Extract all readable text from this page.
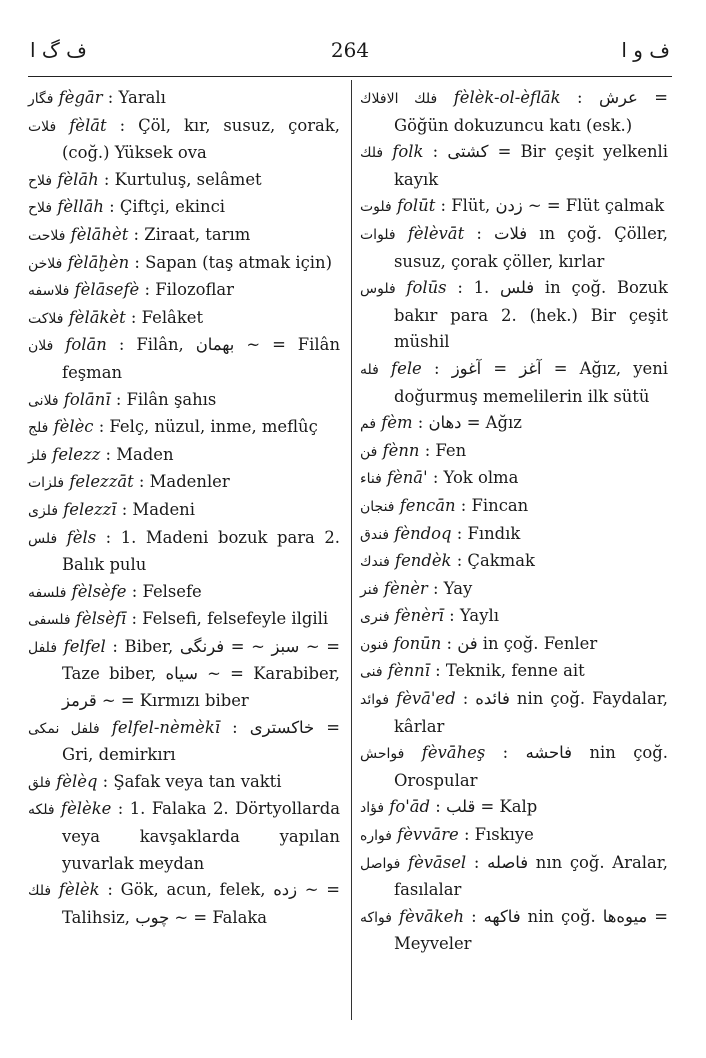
ف گ ا	264	ف و ا

فگار fègār : Yaralı

فلات fèlāt : Çöl, kır, susuz, çorak, (coğ.) Yüksek ova

فلاح fèlāh : Kurtuluş, selâmet

فلاح fèllāh : Çiftçi, ekinci

فلاحت fèlāhèt : Ziraat, tarım

فلاخن fèlāḫèn : Sapan (taş atmak için)

فلاسفه fèlāsefè : Filozoflar

فلاكت fèlākèt : Felâket

فلان folān : Filân, بهمان ~ = Filân feşman

فلانى folānī : Filân şahıs

فلج fèlèc : Felç, nüzul, inme, meflûç

فلز felezz : Maden

فلزات felezzāt : Madenler

فلزى felezzī : Madeni

فلس fèls : 1. Madeni bozuk para 2. Balık pulu

فلسفه fèlsèfe : Felsefe

فلسفى fèlsèfī : Felsefi, felsefeyle ilgili

فلفل felfel : Biber, سبز ~ = فرنگى ~ = Taze biber, سياه ~ = Karabiber, قرمز ~ = Kırmızı biber

فلفل نمكى felfel-nèmèkī : خاكسترى = Gri, demirkırı

فلق fèlèq : Şafak veya tan vakti

فلكه fèlèke : 1. Falaka 2. Dörtyollarda veya kavşaklarda yapılan yuvarlak meydan

فلك fèlèk : Gök, acun, felek, زده ~ = Talihsiz, چوب ~ = Falaka

فلك الافلاك fèlèk-ol-èflāk : عرش = Göğün dokuzuncu katı (esk.)

فلك folk : كشتى = Bir çeşit yelkenli kayık

فلوت folūt : Flüt, زدن ~ = Flüt çalmak

فلوات fèlèvāt : فلات ın çoğ. Çöller, susuz, çorak çöller, kırlar

فلوس folūs : 1. فلس in çoğ. Bozuk bakır para 2. (hek.) Bir çeşit müshil

فله fele : آغز = آغوز = Ağız, yeni doğurmuş memelilerin ilk sütü

فم fèm : دهان = Ağız

فن fènn : Fen

فناء fènā' : Yok olma

فنجان fencān : Fincan

فندق fèndoq : Fındık

فندك fendèk : Çakmak

فنر fènèr : Yay

فنرى fènèrī : Yaylı

فنون fonūn : فن in çoğ. Fenler

فنى fènnī : Teknik, fenne ait

فوائد fèvā'ed : فائده nin çoğ. Faydalar, kârlar

فواحش fèvāheş : فاحشه nin çoğ. Orospular

فؤاد fo'ād : قلب = Kalp

فواره fèvvāre : Fıskıye

فواصل fèvāsel : فاصله nın çoğ. Aralar, fasılalar

فواكه fèvākeh : فاكهه nin çoğ. ميوه‌ها = Meyveler
